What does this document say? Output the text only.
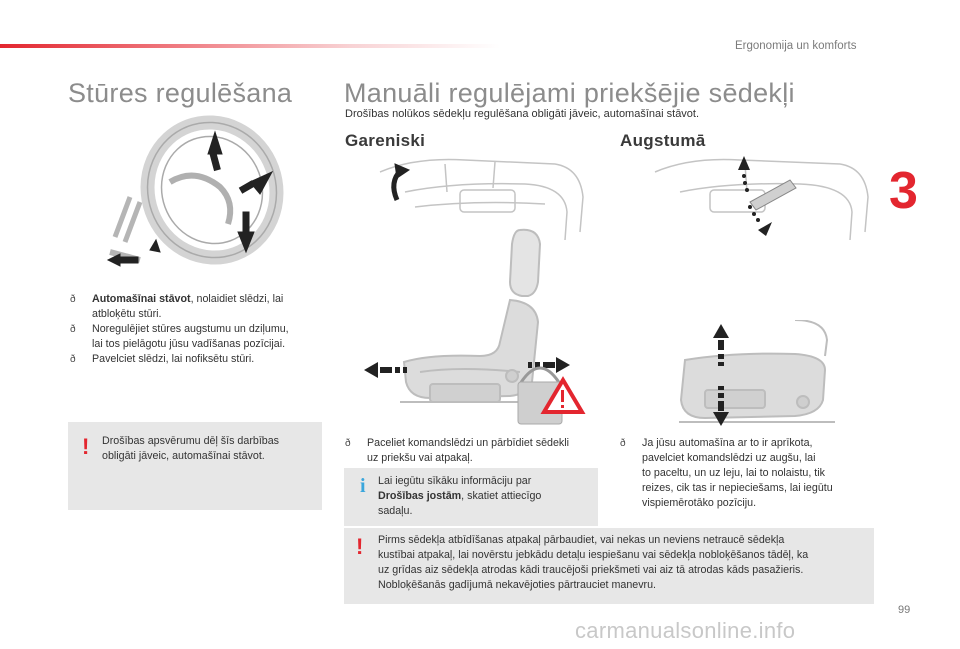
Ergonomija un komforts
3
Stūres regulēšana
ð Automašīnai stāvot, nolaidiet slēdzi, lai
atbloķētu stūri.
ð Noregulējiet stūres augstumu un dziļumu,
lai tos pielāgotu jūsu vadīšanas pozīcijai.
ð Pavelciet slēdzi, lai nofiksētu stūri.
! Drošības apsvērumu dēļ šīs darbības
obligāti jāveic, automašīnai stāvot.
Manuāli regulējami priekšējie sēdekļi
Drošības nolūkos sēdekļu regulēšana obligāti jāveic, automašīnai stāvot.
Gareniski	Augstumā
ð Paceliet komandslēdzi un pārbīdiet sēdekli
uz priekšu vai atpakaļ.
i Lai iegūtu sīkāku informāciju par
Drošības jostām, skatiet attiecīgo
sadaļu.
ð Ja jūsu automašīna ar to ir aprīkota,
pavelciet komandslēdzi uz augšu, lai
to paceltu, un uz leju, lai to nolaistu, tik
reizes, cik tas ir nepieciešams, lai iegūtu
vispiemērotāko pozīciju.
! Pirms sēdekļa atbīdīšanas atpakaļ pārbaudiet, vai nekas un neviens netraucē sēdekļa
kustībai atpakaļ, lai novērstu jebkādu detaļu iespiešanu vai sēdekļa nobloķēšanos tādēļ, ka
uz grīdas aiz sēdekļa atrodas kādi traucējoši priekšmeti vai aiz tā atrodas kāds pasažieris.
Nobloķēšanās gadījumā nekavējoties pārtrauciet manevru.
99
carmanualsonline.info
